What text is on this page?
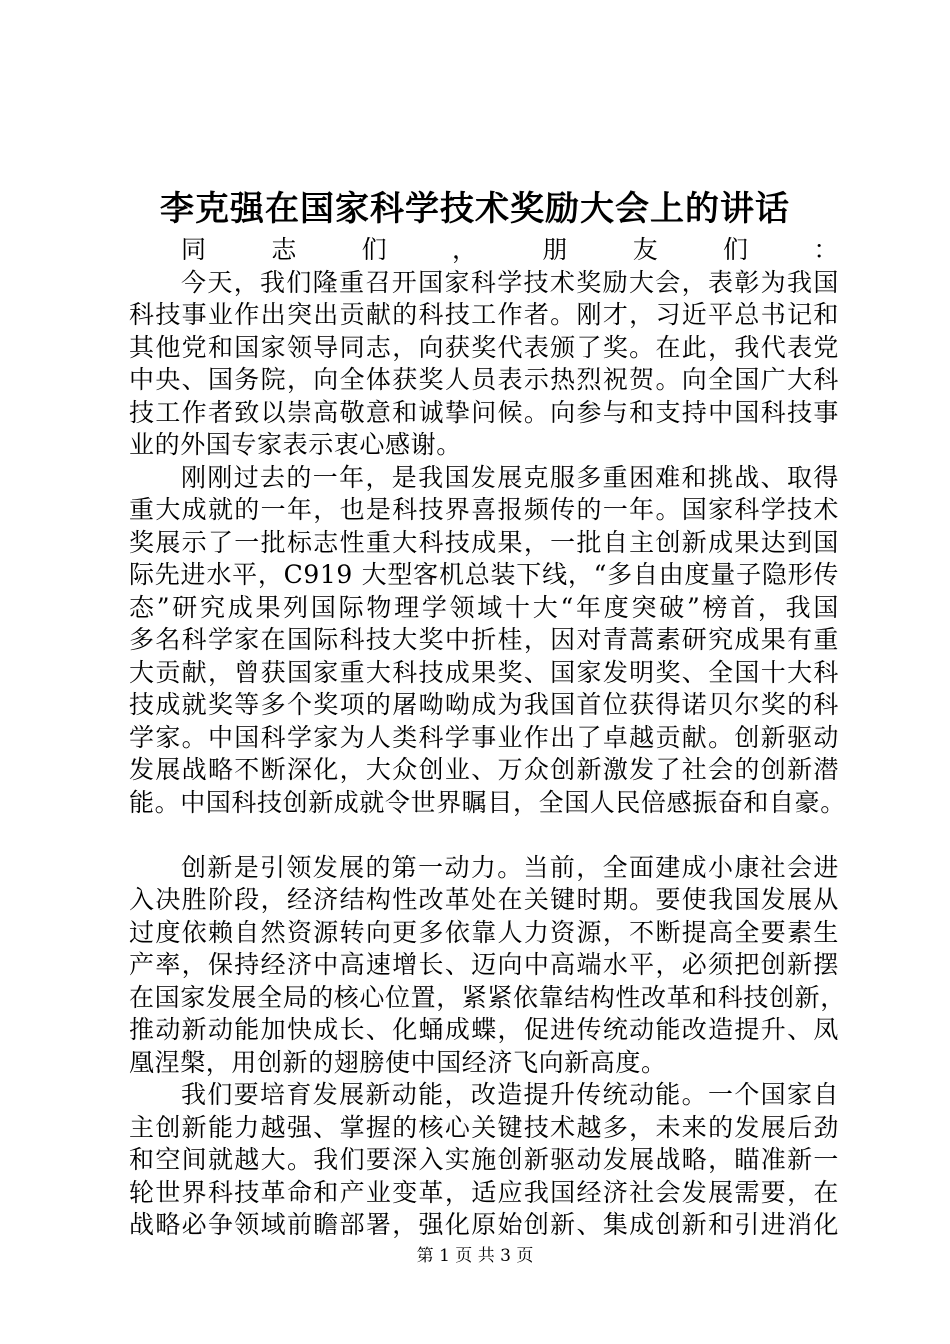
李克强在国家科学技术奖励大会上的讲话
同志们，朋友们：
今天，我们隆重召开国家科学技术奖励大会，表彰为我国
科技事业作出突出贡献的科技工作者。刚才，习近平总书记和
其他党和国家领导同志，向获奖代表颁了奖。在此，我代表党
中央、国务院，向全体获奖人员表示热烈祝贺。向全国广大科
技工作者致以崇高敬意和诚挚问候。向参与和支持中国科技事
业的外国专家表示衷心感谢。
刚刚过去的一年，是我国发展克服多重困难和挑战、取得
重大成就的一年，也是科技界喜报频传的一年。国家科学技术
奖展示了一批标志性重大科技成果，一批自主创新成果达到国
际先进水平，C919 大型客机总装下线，“多自由度量子隐形传
态”研究成果列国际物理学领域十大“年度突破”榜首，我国
多名科学家在国际科技大奖中折桂，因对青蒿素研究成果有重
大贡献，曾获国家重大科技成果奖、国家发明奖、全国十大科
技成就奖等多个奖项的屠呦呦成为我国首位获得诺贝尔奖的科
学家。中国科学家为人类科学事业作出了卓越贡献。创新驱动
发展战略不断深化，大众创业、万众创新激发了社会的创新潜
能。中国科技创新成就令世界瞩目，全国人民倍感振奋和自豪。
创新是引领发展的第一动力。当前，全面建成小康社会进
入决胜阶段，经济结构性改革处在关键时期。要使我国发展从
过度依赖自然资源转向更多依靠人力资源，不断提高全要素生
产率，保持经济中高速增长、迈向中高端水平，必须把创新摆
在国家发展全局的核心位置，紧紧依靠结构性改革和科技创新，
推动新动能加快成长、化蛹成蝶，促进传统动能改造提升、凤
凰涅槃，用创新的翅膀使中国经济飞向新高度。
我们要培育发展新动能，改造提升传统动能。一个国家自
主创新能力越强、掌握的核心关键技术越多，未来的发展后劲
和空间就越大。我们要深入实施创新驱动发展战略，瞄准新一
轮世界科技革命和产业变革，适应我国经济社会发展需要，在
战略必争领域前瞻部署，强化原始创新、集成创新和引进消化
第 1 页 共 3 页
